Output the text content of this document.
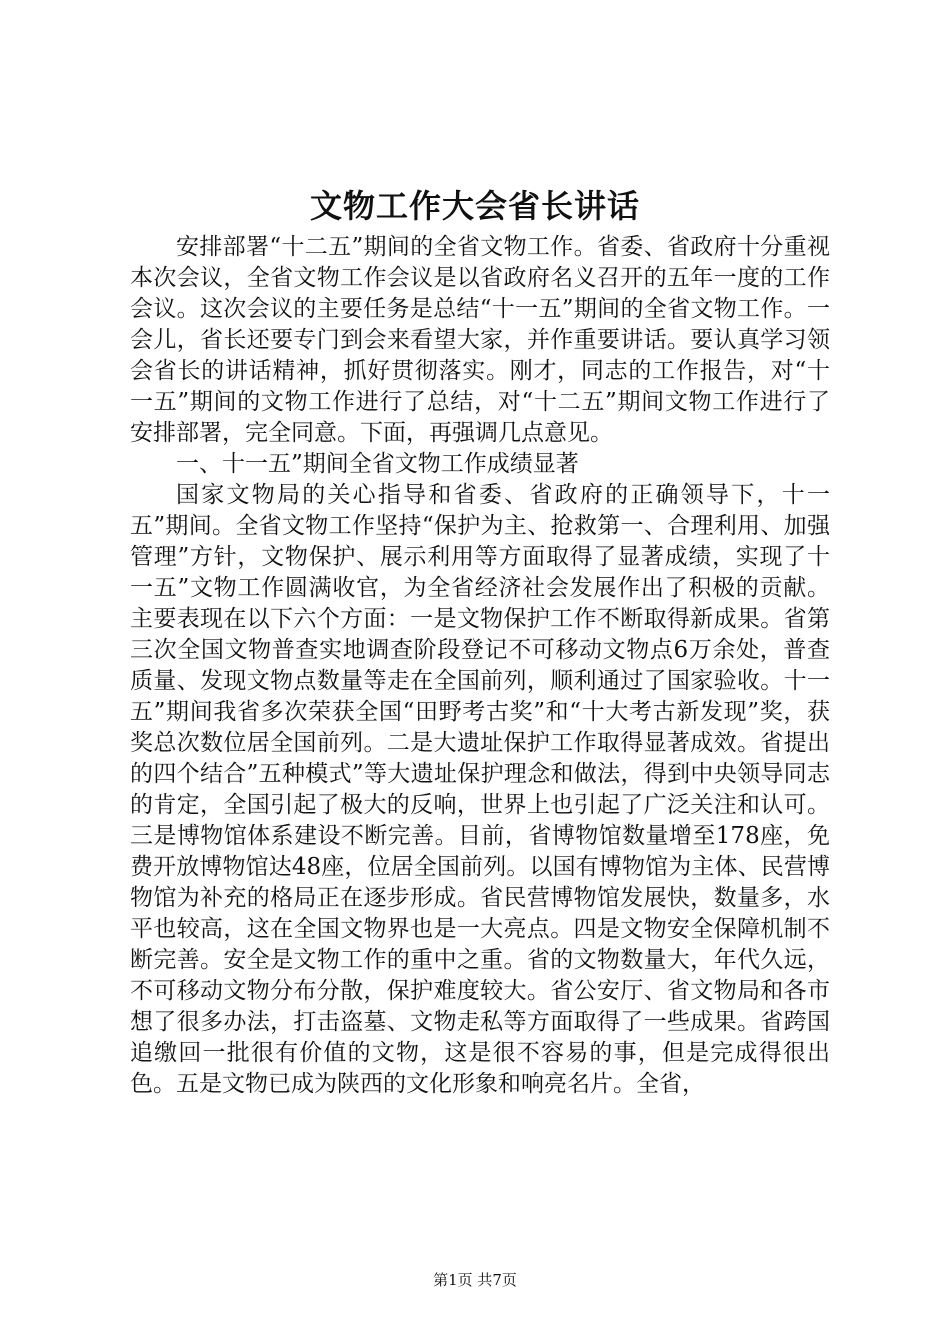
文物工作大会省长讲话

安排部署“十二五”期间的全省文物工作。省委、省政府十分重视本次会议，全省文物工作会议是以省政府名义召开的五年一度的工作会议。这次会议的主要任务是总结“十一五”期间的全省文物工作。一会儿，省长还要专门到会来看望大家，并作重要讲话。要认真学习领会省长的讲话精神，抓好贯彻落实。刚才，同志的工作报告，对“十一五”期间的文物工作进行了总结，对“十二五”期间文物工作进行了安排部署，完全同意。下面，再强调几点意见。

一、十一五”期间全省文物工作成绩显著

国家文物局的关心指导和省委、省政府的正确领导下，十一五”期间。全省文物工作坚持“保护为主、抢救第一、合理利用、加强管理”方针，文物保护、展示利用等方面取得了显著成绩，实现了十一五”文物工作圆满收官，为全省经济社会发展作出了积极的贡献。主要表现在以下六个方面：一是文物保护工作不断取得新成果。省第三次全国文物普查实地调查阶段登记不可移动文物点6万余处，普查质量、发现文物点数量等走在全国前列，顺利通过了国家验收。十一五”期间我省多次荣获全国“田野考古奖”和“十大考古新发现”奖，获奖总次数位居全国前列。二是大遗址保护工作取得显著成效。省提出的四个结合”五种模式”等大遗址保护理念和做法，得到中央领导同志的肯定，全国引起了极大的反响，世界上也引起了广泛关注和认可。三是博物馆体系建设不断完善。目前，省博物馆数量增至178座，免费开放博物馆达48座，位居全国前列。以国有博物馆为主体、民营博物馆为补充的格局正在逐步形成。省民营博物馆发展快，数量多，水平也较高，这在全国文物界也是一大亮点。四是文物安全保障机制不断完善。安全是文物工作的重中之重。省的文物数量大，年代久远，不可移动文物分布分散，保护难度较大。省公安厅、省文物局和各市想了很多办法，打击盗墓、文物走私等方面取得了一些成果。省跨国追缴回一批很有价值的文物，这是很不容易的事，但是完成得很出色。五是文物已成为陕西的文化形象和响亮名片。全省，

第1页 共7页
